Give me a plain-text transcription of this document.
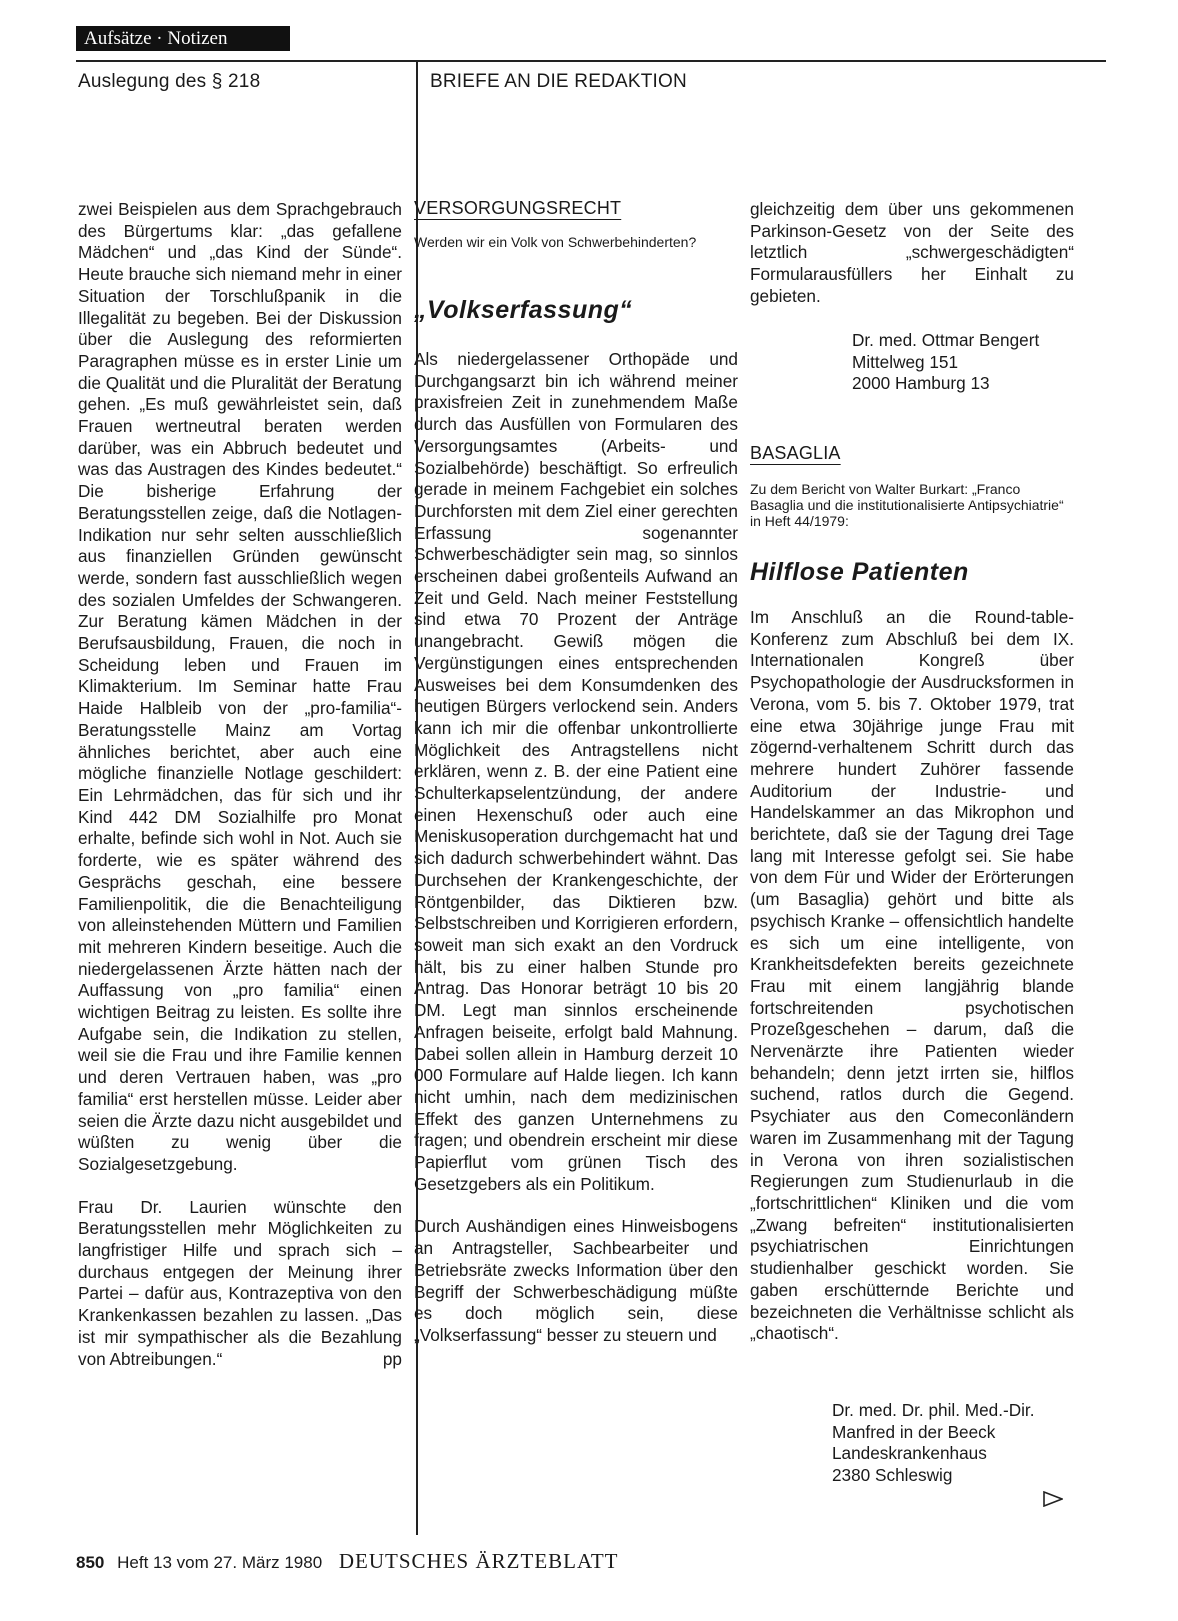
Aufsätze · Notizen
Auslegung des § 218	BRIEFE AN DIE REDAKTION

zwei Beispielen aus dem Sprachgebrauch des Bürgertums klar: „das gefallene Mädchen“ und „das Kind der Sünde“. Heute brauche sich niemand mehr in einer Situation der Torschlußpanik in die Illegalität zu begeben. Bei der Diskussion über die Auslegung des reformierten Paragraphen müsse es in erster Linie um die Qualität und die Pluralität der Beratung gehen. „Es muß gewährleistet sein, daß Frauen wertneutral beraten werden darüber, was ein Abbruch bedeutet und was das Austragen des Kindes bedeutet.“ Die bisherige Erfahrung der Beratungsstellen zeige, daß die Notlagen-Indikation nur sehr selten ausschließlich aus finanziellen Gründen gewünscht werde, sondern fast ausschließlich wegen des sozialen Umfeldes der Schwangeren. Zur Beratung kämen Mädchen in der Berufsausbildung, Frauen, die noch in Scheidung leben und Frauen im Klimakterium. Im Seminar hatte Frau Haide Halbleib von der „pro-familia“-Beratungsstelle Mainz am Vortag ähnliches berichtet, aber auch eine mögliche finanzielle Notlage geschildert: Ein Lehrmädchen, das für sich und ihr Kind 442 DM Sozialhilfe pro Monat erhalte, befinde sich wohl in Not. Auch sie forderte, wie es später während des Gesprächs geschah, eine bessere Familienpolitik, die die Benachteiligung von alleinstehenden Müttern und Familien mit mehreren Kindern beseitige. Auch die niedergelassenen Ärzte hätten nach der Auffassung von „pro familia“ einen wichtigen Beitrag zu leisten. Es sollte ihre Aufgabe sein, die Indikation zu stellen, weil sie die Frau und ihre Familie kennen und deren Vertrauen haben, was „pro familia“ erst herstellen müsse. Leider aber seien die Ärzte dazu nicht ausgebildet und wüßten zu wenig über die Sozialgesetzgebung.

Frau Dr. Laurien wünschte den Beratungsstellen mehr Möglichkeiten zu langfristiger Hilfe und sprach sich – durchaus entgegen der Meinung ihrer Partei – dafür aus, Kontrazeptiva von den Krankenkassen bezahlen zu lassen. „Das ist mir sympathischer als die Bezahlung von Abtreibungen.“	pp

VERSORGUNGSRECHT
Werden wir ein Volk von Schwerbehinderten?
„Volkserfassung“

Als niedergelassener Orthopäde und Durchgangsarzt bin ich während meiner praxisfreien Zeit in zunehmendem Maße durch das Ausfüllen von Formularen des Versorgungsamtes (Arbeits- und Sozialbehörde) beschäftigt. So erfreulich gerade in meinem Fachgebiet ein solches Durchforsten mit dem Ziel einer gerechten Erfassung sogenannter Schwerbeschädigter sein mag, so sinnlos erscheinen dabei großenteils Aufwand an Zeit und Geld. Nach meiner Feststellung sind etwa 70 Prozent der Anträge unangebracht. Gewiß mögen die Vergünstigungen eines entsprechenden Ausweises bei dem Konsumdenken des heutigen Bürgers verlockend sein. Anders kann ich mir die offenbar unkontrollierte Möglichkeit des Antragstellens nicht erklären, wenn z. B. der eine Patient eine Schulterkapselentzündung, der andere einen Hexenschuß oder auch eine Meniskusoperation durchgemacht hat und sich dadurch schwerbehindert wähnt. Das Durchsehen der Krankengeschichte, der Röntgenbilder, das Diktieren bzw. Selbstschreiben und Korrigieren erfordern, soweit man sich exakt an den Vordruck hält, bis zu einer halben Stunde pro Antrag. Das Honorar beträgt 10 bis 20 DM. Legt man sinnlos erscheinende Anfragen beiseite, erfolgt bald Mahnung. Dabei sollen allein in Hamburg derzeit 10 000 Formulare auf Halde liegen. Ich kann nicht umhin, nach dem medizinischen Effekt des ganzen Unternehmens zu fragen; und obendrein erscheint mir diese Papierflut vom grünen Tisch des Gesetzgebers als ein Politikum.

Durch Aushändigen eines Hinweisbogens an Antragsteller, Sachbearbeiter und Betriebsräte zwecks Information über den Begriff der Schwerbeschädigung müßte es doch möglich sein, diese „Volkserfassung“ besser zu steuern und

gleichzeitig dem über uns gekommenen Parkinson-Gesetz von der Seite des letztlich „schwergeschädigten“ Formularausfüllers her Einhalt zu gebieten.

Dr. med. Ottmar Bengert
Mittelweg 151
2000 Hamburg 13
BASAGLIA
Zu dem Bericht von Walter Burkart: „Franco Basaglia und die institutionalisierte Antipsychiatrie“ in Heft 44/1979:
Hilflose Patienten

Im Anschluß an die Round-table-Konferenz zum Abschluß bei dem IX. Internationalen Kongreß über Psychopathologie der Ausdrucksformen in Verona, vom 5. bis 7. Oktober 1979, trat eine etwa 30jährige junge Frau mit zögernd-verhaltenem Schritt durch das mehrere hundert Zuhörer fassende Auditorium der Industrie- und Handelskammer an das Mikrophon und berichtete, daß sie der Tagung drei Tage lang mit Interesse gefolgt sei. Sie habe von dem Für und Wider der Erörterungen (um Basaglia) gehört und bitte als psychisch Kranke – offensichtlich handelte es sich um eine intelligente, von Krankheitsdefekten bereits gezeichnete Frau mit einem langjährig blande fortschreitenden psychotischen Prozeßgeschehen – darum, daß die Nervenärzte ihre Patienten wieder behandeln; denn jetzt irrten sie, hilflos suchend, ratlos durch die Gegend. Psychiater aus den Comeconländern waren im Zusammenhang mit der Tagung in Verona von ihren sozialistischen Regierungen zum Studienurlaub in die „fortschrittlichen“ Kliniken und die vom „Zwang befreiten“ institutionalisierten psychiatrischen Einrichtungen studienhalber geschickt worden. Sie gaben erschütternde Berichte und bezeichneten die Verhältnisse schlicht als „chaotisch“.

Dr. med. Dr. phil. Med.-Dir.
Manfred in der Beeck
Landeskrankenhaus
2380 Schleswig
850 Heft 13 vom 27. März 1980 DEUTSCHES ÄRZTEBLATT
